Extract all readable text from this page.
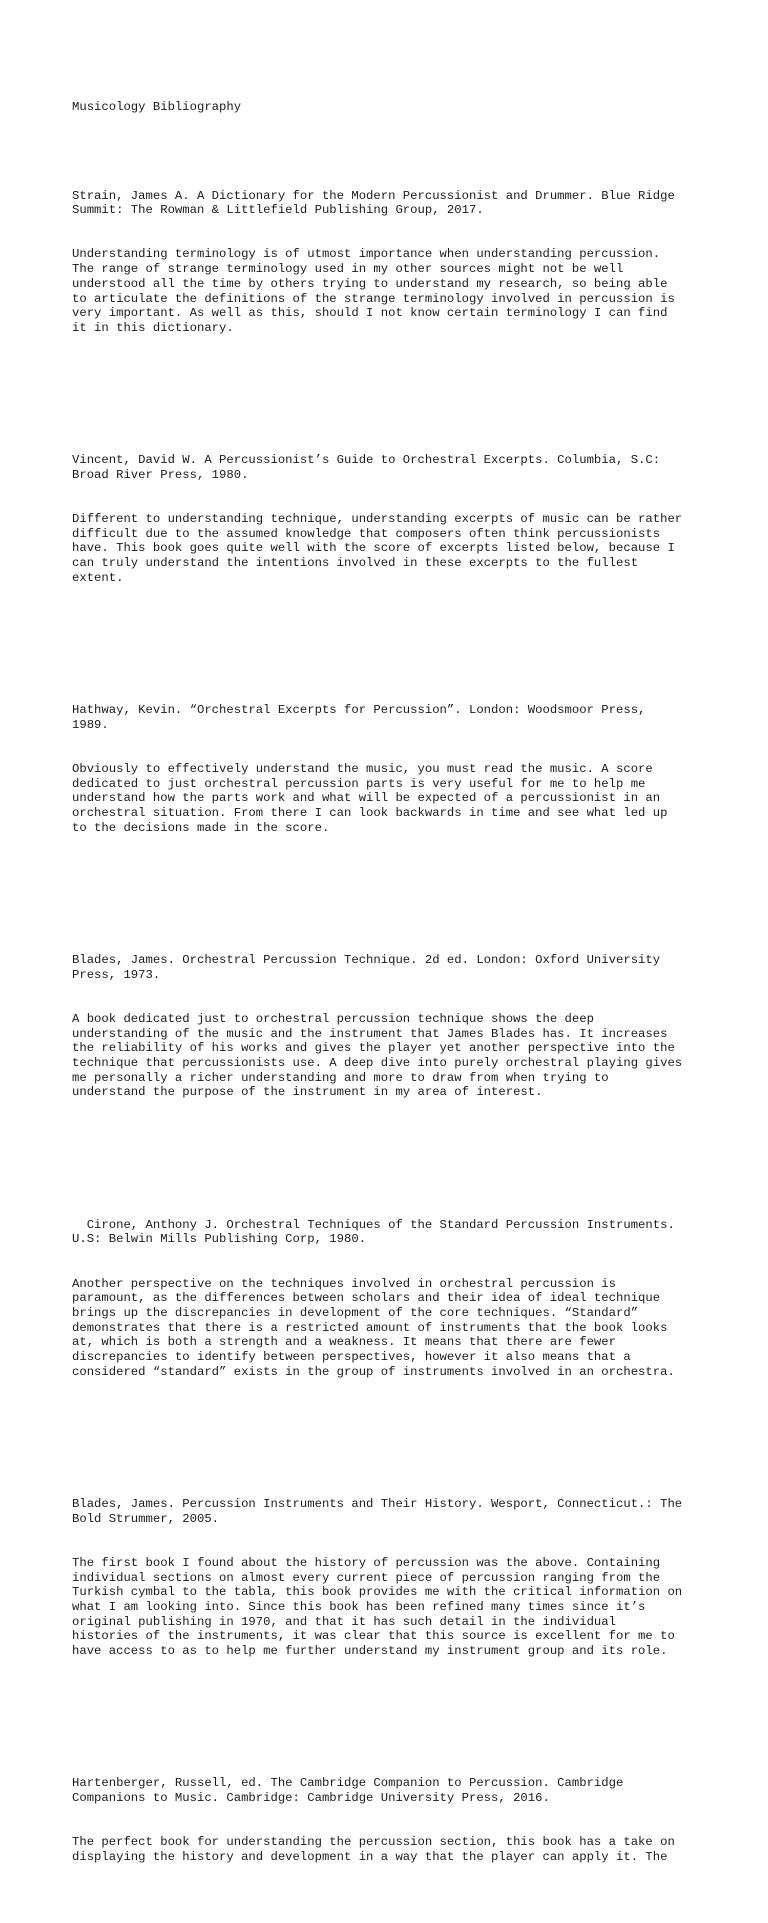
Musicology Bibliography

Strain, James A. A Dictionary for the Modern Percussionist and Drummer. Blue Ridge
Summit: The Rowman & Littlefield Publishing Group, 2017.

Understanding terminology is of utmost importance when understanding percussion.
The range of strange terminology used in my other sources might not be well
understood all the time by others trying to understand my research, so being able
to articulate the definitions of the strange terminology involved in percussion is
very important. As well as this, should I not know certain terminology I can find
it in this dictionary.

Vincent, David W. A Percussionist’s Guide to Orchestral Excerpts. Columbia, S.C:
Broad River Press, 1980.

Different to understanding technique, understanding excerpts of music can be rather
difficult due to the assumed knowledge that composers often think percussionists
have. This book goes quite well with the score of excerpts listed below, because I
can truly understand the intentions involved in these excerpts to the fullest
extent.

Hathway, Kevin. “Orchestral Excerpts for Percussion”. London: Woodsmoor Press,
1989.

Obviously to effectively understand the music, you must read the music. A score
dedicated to just orchestral percussion parts is very useful for me to help me
understand how the parts work and what will be expected of a percussionist in an
orchestral situation. From there I can look backwards in time and see what led up
to the decisions made in the score.

Blades, James. Orchestral Percussion Technique. 2d ed. London: Oxford University
Press, 1973.

A book dedicated just to orchestral percussion technique shows the deep
understanding of the music and the instrument that James Blades has. It increases
the reliability of his works and gives the player yet another perspective into the
technique that percussionists use. A deep dive into purely orchestral playing gives
me personally a richer understanding and more to draw from when trying to
understand the purpose of the instrument in my area of interest.

Cirone, Anthony J. Orchestral Techniques of the Standard Percussion Instruments.
U.S: Belwin Mills Publishing Corp, 1980.

Another perspective on the techniques involved in orchestral percussion is
paramount, as the differences between scholars and their idea of ideal technique
brings up the discrepancies in development of the core techniques. “Standard”
demonstrates that there is a restricted amount of instruments that the book looks
at, which is both a strength and a weakness. It means that there are fewer
discrepancies to identify between perspectives, however it also means that a
considered “standard” exists in the group of instruments involved in an orchestra.

Blades, James. Percussion Instruments and Their History. Wesport, Connecticut.: The
Bold Strummer, 2005.

The first book I found about the history of percussion was the above. Containing
individual sections on almost every current piece of percussion ranging from the
Turkish cymbal to the tabla, this book provides me with the critical information on
what I am looking into. Since this book has been refined many times since it’s
original publishing in 1970, and that it has such detail in the individual
histories of the instruments, it was clear that this source is excellent for me to
have access to as to help me further understand my instrument group and its role.

Hartenberger, Russell, ed. The Cambridge Companion to Percussion. Cambridge
Companions to Music. Cambridge: Cambridge University Press, 2016.

The perfect book for understanding the percussion section, this book has a take on
displaying the history and development in a way that the player can apply it. The
